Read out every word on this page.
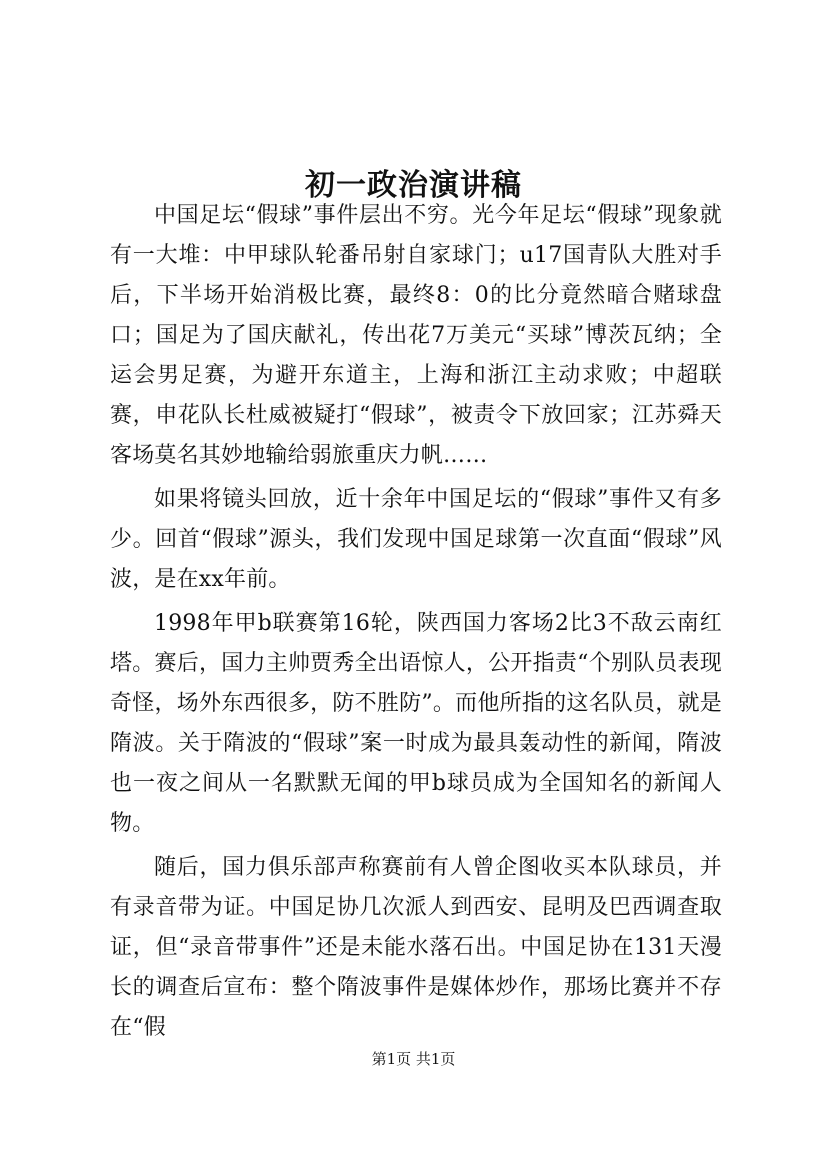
初一政治演讲稿

中国足坛“假球”事件层出不穷。光今年足坛“假球”现象就有一大堆：中甲球队轮番吊射自家球门；u17国青队大胜对手后，下半场开始消极比赛，最终8：0的比分竟然暗合赌球盘口；国足为了国庆献礼，传出花7万美元“买球”博茨瓦纳；全运会男足赛，为避开东道主，上海和浙江主动求败；中超联赛，申花队长杜威被疑打“假球”，被责令下放回家；江苏舜天客场莫名其妙地输给弱旅重庆力帆……

如果将镜头回放，近十余年中国足坛的“假球”事件又有多少。回首“假球”源头，我们发现中国足球第一次直面“假球”风波，是在xx年前。

1998年甲b联赛第16轮，陕西国力客场2比3不敌云南红塔。赛后，国力主帅贾秀全出语惊人，公开指责“个别队员表现奇怪，场外东西很多，防不胜防”。而他所指的这名队员，就是隋波。关于隋波的“假球”案一时成为最具轰动性的新闻，隋波也一夜之间从一名默默无闻的甲b球员成为全国知名的新闻人物。

随后，国力俱乐部声称赛前有人曾企图收买本队球员，并有录音带为证。中国足协几次派人到西安、昆明及巴西调查取证，但“录音带事件”还是未能水落石出。中国足协在131天漫长的调查后宣布：整个隋波事件是媒体炒作，那场比赛并不存在“假

第1页 共1页
